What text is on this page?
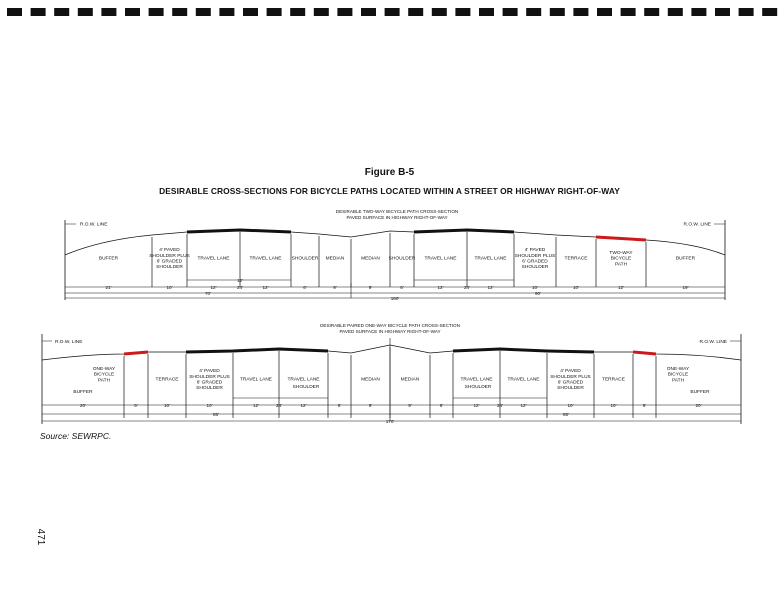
Figure B-5
DESIRABLE CROSS-SECTIONS FOR BICYCLE PATHS LOCATED WITHIN A STREET OR HIGHWAY RIGHT-OF-WAY
DESIRABLE TWO-WAY BICYCLE PATH CROSS-SECTION
PAVED SURFACE IN HIGHWAY RIGHT-OF-WAY
R.O.W. LINE	R.O.W. LINE
BUFFER
21'
4' PAVED
SHOULDER PLUS
6' GRADED
SHOULDER
10'
TRAVEL LANE
12'
TRAVEL LANE
12'
SHOULDER
6'
MEDIAN
9'
MEDIAN
9'
SHOULDER
6'
TRAVEL LANE
12'
TRAVEL LANE
12'
4' PAVED
SHOULDER PLUS
6' GRADED
SHOULDER
10'
TERRACE
10'
TWO-WAY
BICYCLE
PATH
12'
BUFFER
19'
12'
24'	24'
70'	90'
160'
DESIRABLE PAIRED ONE-WAY BICYCLE PATH CROSS-SECTION
PAVED SURFACE IN HIGHWAY RIGHT-OF-WAY
R.O.W. LINE	R.O.W. LINE
20'	6'
TERRACE
10'
4' PAVED
SHOULDER PLUS
6' GRADED
SHOULDER
10'
TRAVEL LANE
12'
TRAVEL LANE
12'	6'
MEDIAN
9'
MEDIAN
9'	6'
TRAVEL LANE
12'
TRAVEL LANE
12'
4' PAVED
SHOULDER PLUS
6' GRADED
SHOULDER
10'
TERRACE
10'	6'	20'
ONE-WAY
BICYCLE
PATH
BUFFER
ONE-WAY
BICYCLE
PATH
BUFFER
SHOULDER	SHOULDER
24'	24'
85'	85'
170'
Source: SEWRPC.
471
